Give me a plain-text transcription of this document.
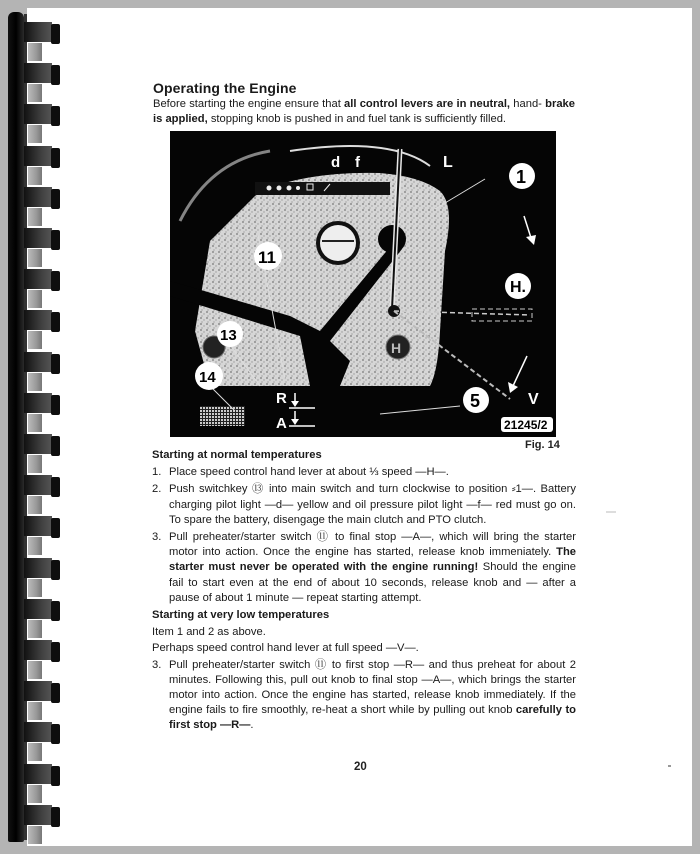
Operating the Engine

Before starting the engine ensure that all control levers are in neutral, hand- brake is applied, stopping knob is pushed in and fuel tank is sufficiently filled.

H
d f	L
1
11
H.
13
14
5
R
A
V
21245/2
Fig. 14

Starting at normal temperatures

1. Place speed control hand lever at about ⅓ speed —H—.
2. Push switchkey ⑬ into main switch and turn clockwise to position ⸗1—. Battery charging pilot light —d— yellow and oil pressure pilot light —f— red must go on. To spare the battery, disengage the main clutch and PTO clutch.
3. Pull preheater/starter switch ⑪ to final stop —A—, which will bring the starter motor into action. Once the engine has started, release knob immeniately. The starter must never be operated with the engine running! Should the engine fail to start even at the end of about 10 seconds, release knob and — after a pause of about 1 minute — repeat starting attempt.

Starting at very low temperatures

Item 1 and 2 as above.

Perhaps speed control hand lever at full speed —V—.

3. Pull preheater/starter switch ⑪ to first stop —R— and thus preheat for about 2 minutes. Following this, pull out knob to final stop —A—, which brings the starter motor into action. Once the engine has started, release knob immediately. If the engine fails to fire smoothly, re-heat a short while by pulling out knob carefully to first stop —R—.
20
